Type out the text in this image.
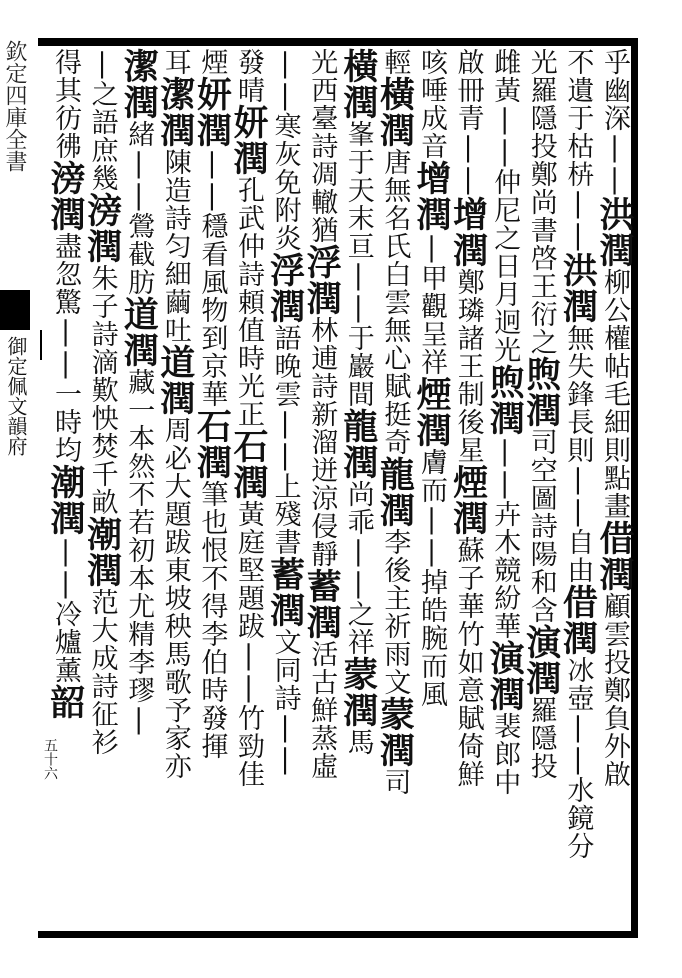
欽定四庫全書
御定佩文韻府
五十六
乎幽深||洪潤柳公權帖毛細則點畫借潤顧雲投鄭負外啟
不遺于枯枿||洪潤無失鋒長則||自由借潤冰壺||水鏡分
光羅隱投鄭尚書啓王衍之煦潤司空圖詩陽和含演潤羅隱投
雌黃||仲尼之日月迥光煦潤||卉木競紛華演潤裴郎中
啟冊青||增潤鄭璘諸王制後星煙潤蘇子華竹如意賦倚鮮
咳唾成音增潤|甲觀呈祥煙潤膚而||掉皓腕而風
輕橫潤唐無名氏白雲無心賦挺奇龍潤李後主祈雨文蒙潤司
橫潤峯于天末亘||于巖間龍潤尚乖||之祥蒙潤馬
光西臺詩凋轍猶浮潤林逋詩新溜迸涼侵靜蓄潤活古鮮蒸虛
||寒灰免附炎浮潤語晚雲||上殘書蓄潤文同詩||
發晴妍潤孔武仲詩頼值時光正石潤黃庭堅題跋||竹勁佳
煙妍潤||穩看風物到京華石潤筆也恨不得李伯時發揮
耳潔潤陳造詩匀細繭吐道潤周必大題跋東坡秧馬歌予家亦
潔潤緒||鶯截肪道潤藏一本然不若初本尤精李璆|
|之語庶幾滂潤朱子詩滴歎怏焚千畝潮潤范大成詩征衫
得其彷彿滂潤盡忽驚||一時均潮潤||冷爐薰韶
